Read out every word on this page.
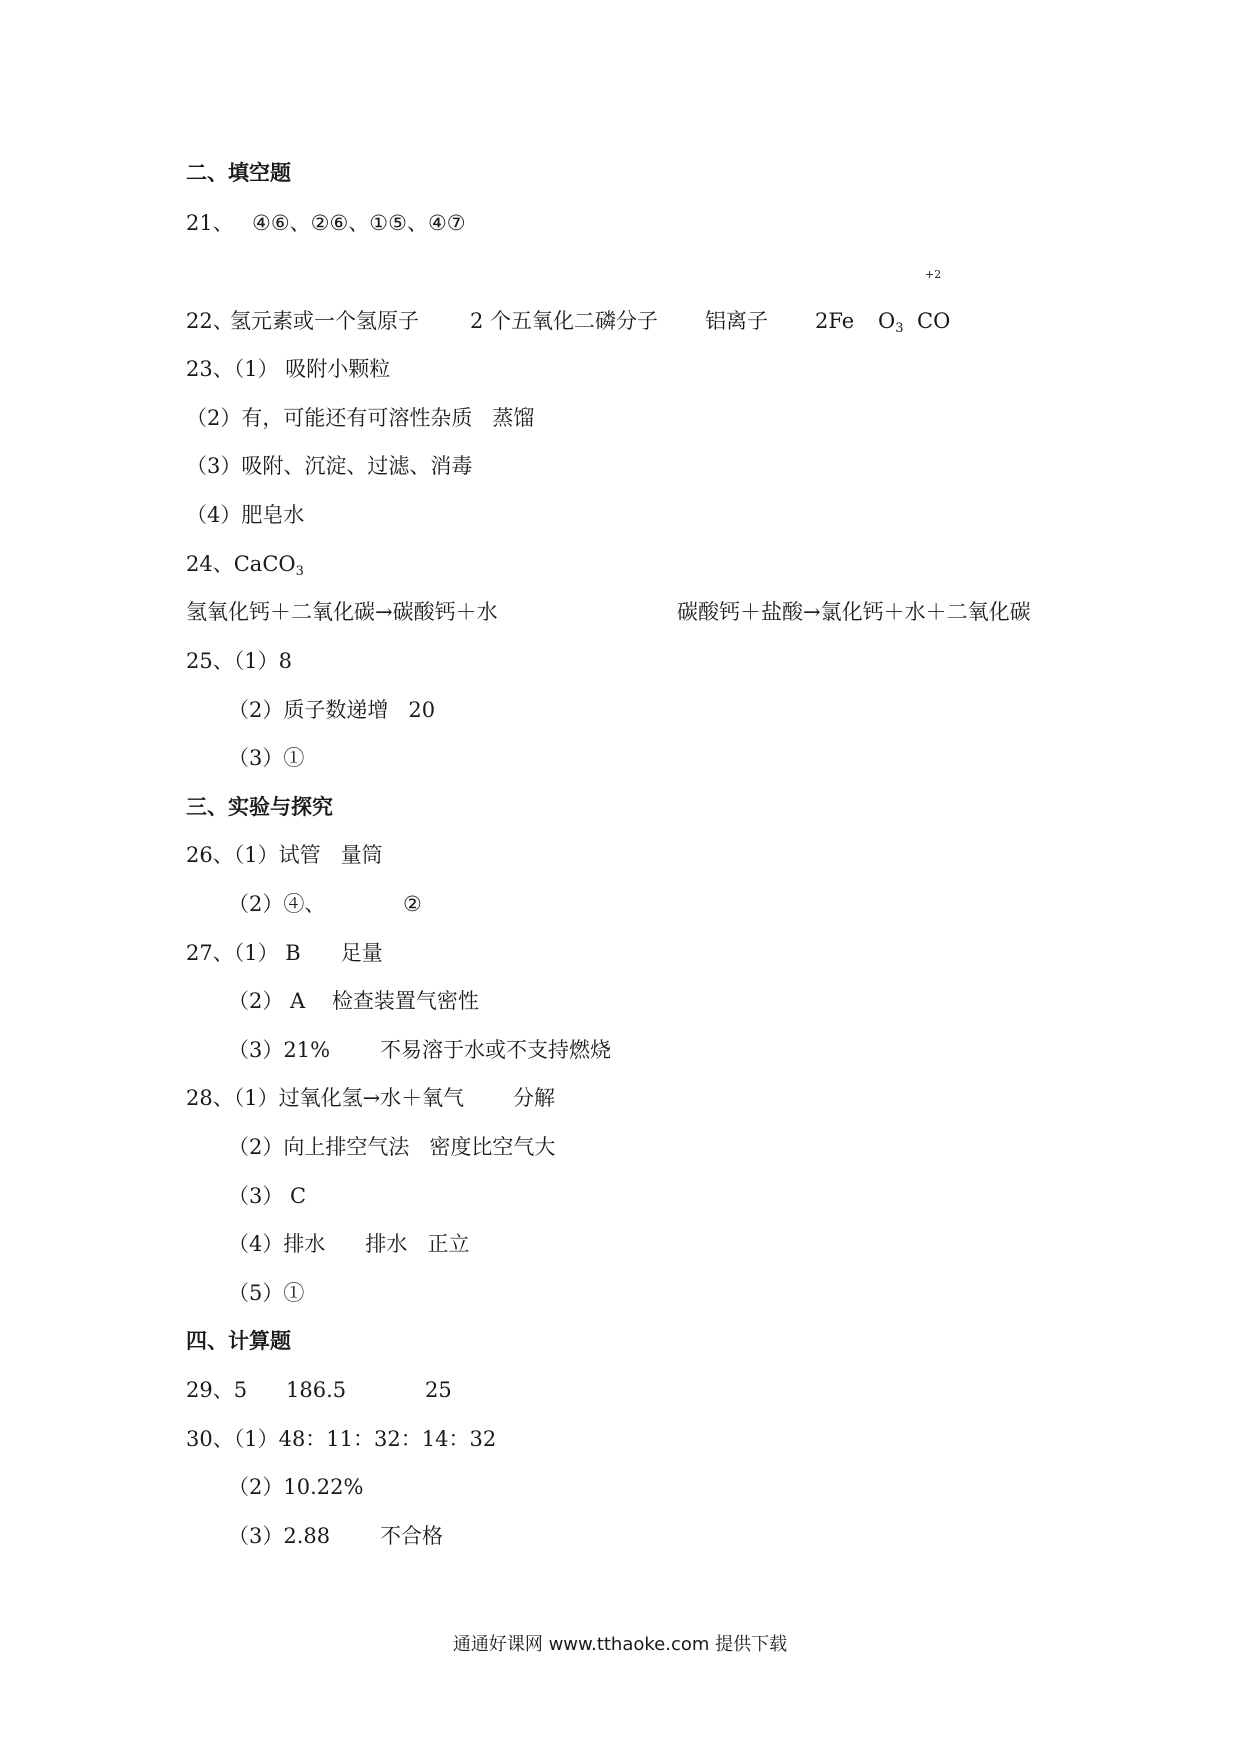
二、填空题
21、 ④⑥、②⑥、①⑤、④⑦
+2
22、
氢元素或一个氢原子 2 个五氧化二磷分子 铝离子 2Fe $O_3$ CO
23、（1） 吸附小颗粒
（2）有，可能还有可溶性杂质   蒸馏
（3）吸附、沉淀、过滤、消毒
（4）肥皂水
24、CaCO$_3$
氢氧化钙＋二氧化碳→碳酸钙＋水	碳酸钙＋盐酸→氯化钙＋水＋二氧化碳
25、（1）8
（2）质子数递增   20
（3）①
三、实验与探究
26、（1）试管   量筒
（2）④、	②
27、（1） B      足量
（2） A    检查装置气密性
（3）21% 不易溶于水或不支持燃烧
28、（1）过氧化氢→水＋氧气 分解
（2）向上排空气法   密度比空气大
（3） C
（4）排水      排水   正立
（5）①
四、计算题
29、5 186.5	25
30、（1）48：11：32：14：32
（2）10.22%
（3）2.88 不合格
通通好课网 www.tthaoke.com 提供下载
